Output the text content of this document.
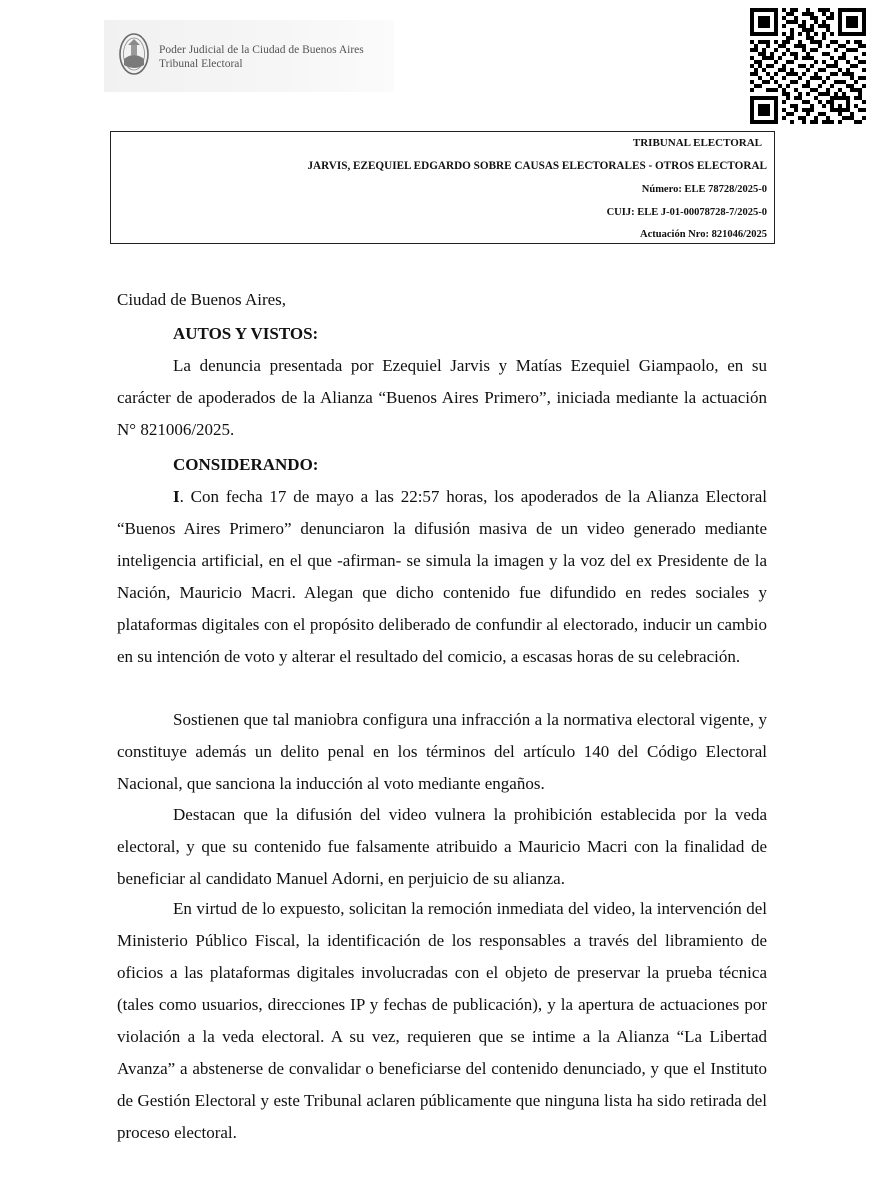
Poder Judicial de la Ciudad de Buenos Aires
Tribunal Electoral
TRIBUNAL ELECTORAL
JARVIS, EZEQUIEL EDGARDO SOBRE CAUSAS ELECTORALES - OTROS ELECTORAL
Número: ELE 78728/2025-0
CUIJ: ELE J-01-00078728-7/2025-0
Actuación Nro: 821046/2025

Ciudad de Buenos Aires,

AUTOS Y VISTOS:

La denuncia presentada por Ezequiel Jarvis y Matías Ezequiel Giampaolo, en su carácter de apoderados de la Alianza “Buenos Aires Primero”, iniciada mediante la actuación N° 821006/2025.

CONSIDERANDO:

I. Con fecha 17 de mayo a las 22:57 horas, los apoderados de la Alianza Electoral “Buenos Aires Primero” denunciaron la difusión masiva de un video generado mediante inteligencia artificial, en el que -afirman- se simula la imagen y la voz del ex Presidente de la Nación, Mauricio Macri. Alegan que dicho contenido fue difundido en redes sociales y plataformas digitales con el propósito deliberado de confundir al electorado, inducir un cambio en su intención de voto y alterar el resultado del comicio, a escasas horas de su celebración.

Sostienen que tal maniobra configura una infracción a la normativa electoral vigente, y constituye además un delito penal en los términos del artículo 140 del Código Electoral Nacional, que sanciona la inducción al voto mediante engaños.

Destacan que la difusión del video vulnera la prohibición establecida por la veda electoral, y que su contenido fue falsamente atribuido a Mauricio Macri con la finalidad de beneficiar al candidato Manuel Adorni, en perjuicio de su alianza.

En virtud de lo expuesto, solicitan la remoción inmediata del video, la intervención del Ministerio Público Fiscal, la identificación de los responsables a través del libramiento de oficios a las plataformas digitales involucradas con el objeto de preservar la prueba técnica (tales como usuarios, direcciones IP y fechas de publicación), y la apertura de actuaciones por violación a la veda electoral. A su vez, requieren que se intime a la Alianza “La Libertad Avanza” a abstenerse de convalidar o beneficiarse del contenido denunciado, y que el Instituto de Gestión Electoral y este Tribunal aclaren públicamente que ninguna lista ha sido retirada del proceso electoral.
